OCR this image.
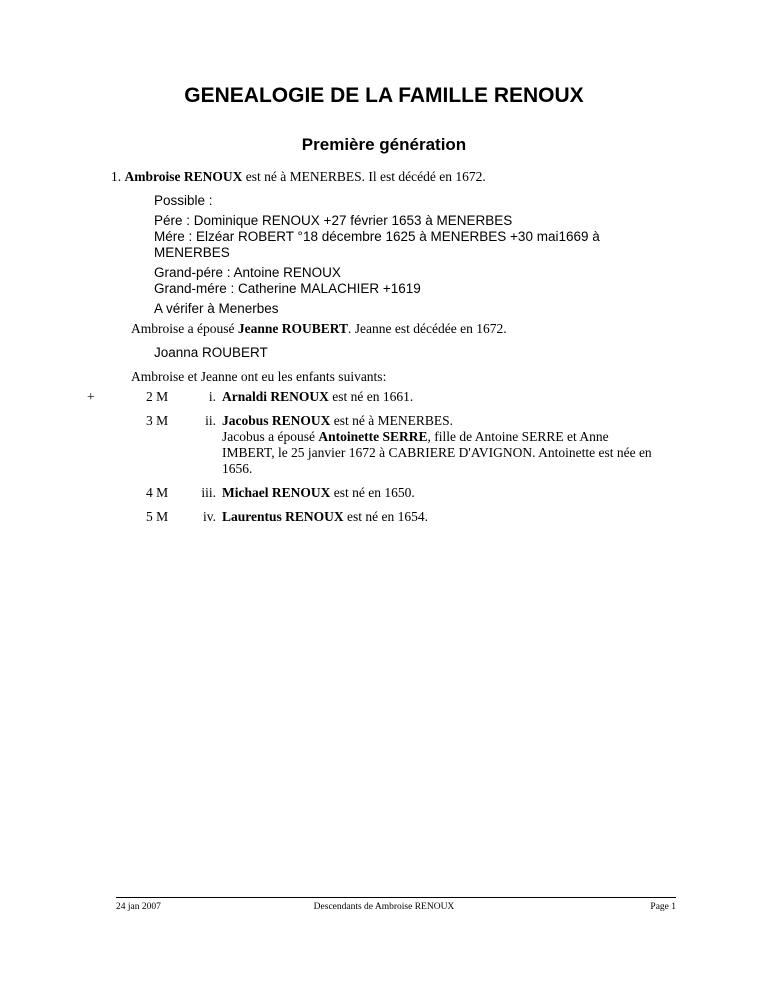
GENEALOGIE DE LA FAMILLE RENOUX
Première génération
1. Ambroise RENOUX est né à MENERBES. Il est décédé en 1672.
Possible :
Pére : Dominique RENOUX +27 février 1653 à MENERBES
Mére : Elzéar ROBERT °18 décembre 1625 à MENERBES +30 mai1669 à
MENERBES
Grand-pére : Antoine RENOUX
Grand-mére : Catherine MALACHIER +1619
A vérifer à Menerbes
Ambroise a épousé Jeanne ROUBERT. Jeanne est décédée en 1672.
Joanna ROUBERT
Ambroise et Jeanne ont eu les enfants suivants:
+	2 M	i. Arnaldi RENOUX est né en 1661.
3 M	ii. Jacobus RENOUX est né à MENERBES.
Jacobus a épousé Antoinette SERRE, fille de Antoine SERRE et Anne
IMBERT, le 25 janvier 1672 à CABRIERE D'AVIGNON. Antoinette est née en
1656.
4 M	iii. Michael RENOUX est né en 1650.
5 M	iv. Laurentus RENOUX est né en 1654.
24 jan 2007	Descendants de Ambroise RENOUX	Page 1
